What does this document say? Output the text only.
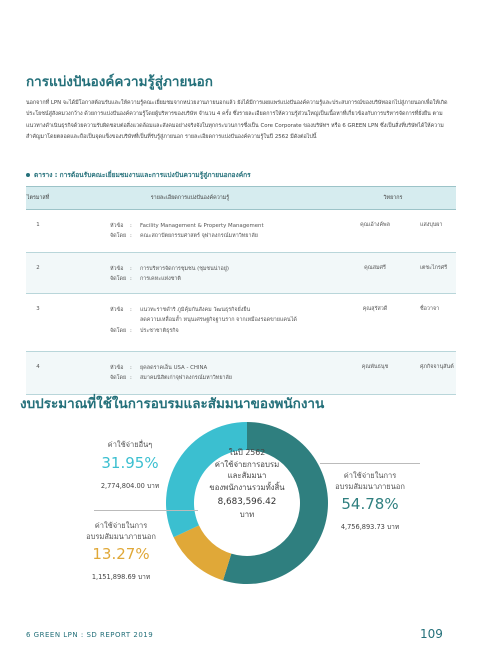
การแบ่งปันองค์ความรู้สู่ภายนอก
นอกจากที่ LPN จะได้มีโอกาสต้อนรับและให้ความรู้คณะเยี่ยมชมจากหน่วยงานภายนอกแล้ว ยังได้มีการเผยแพร่แบ่งปันองค์ความรู้และประสบการณ์ของบริษัทออกไปสู่ภายนอกเพื่อให้เกิดประโยชน์สู่สังคมวงกว้าง ด้วยการแบ่งปันองค์ความรู้โดยผู้บริหารของบริษัท จำนวน 4 ครั้ง ซึ่งรายละเอียดการให้ความรู้ส่วนใหญ่เป็นเนื้อหาที่เกี่ยวข้องกับการบริหารจัดการที่ยั่งยืน ตามแนวทางดำเนินธุรกิจด้วยความรับผิดชอบต่อสิ่งแวดล้อมและสังคมอย่างจริงจังในทุกกระบวนการซึ่งเป็น Core Corporate ของบริษัทฯ หรือ 6 GREEN LPN ซึ่งเป็นสิ่งที่บริษัทได้ให้ความสำคัญมาโดยตลอดและถือเป็นจุดแข็งของบริษัทที่เป็นที่รับรู้สู่ภายนอก รายละเอียดการแบ่งปันองค์ความรู้ในปี 2562 มีดังต่อไปนี้
ตาราง : การต้อนรับคณะเยี่ยมชมงานและการแบ่งปันความรู้สู่ภายนอกองค์กร
ไตรมาสที่	รายละเอียดการแบ่งปันองค์ความรู้	วิทยากร
1	หัวข้อ : Facility Management & Property Management
จัดโดย : คณะสถาปัตยกรรมศาสตร์ จุฬาลงกรณ์มหาวิทยาลัย	คุณเอ้างค์พล แสงบุบผา
2	หัวข้อ : การบริหารจัดการชุมชน (ชุมชนน่าอยู่)
จัดโดย : การเคหะแห่งชาติ	คุณสมศรี เตชะไกรศรี
3	หัวข้อ : แนวทะราชดำริ ภูมิคุ้มกันสังคม วัฒนธุรกิจยั่งยืน
ลดความเหลื่อมล้ำ หนุนเศรษฐกิจฐานราก จากเหมืองรอดขายแคนได้
จัดโดย : ประชาชาติธุรกิจ	คุณสุรัสวดี ชื่อวาจา
4	หัวข้อ : ยุคลดราคเอ็น USA - CHINA
จัดโดย : สมาคมนิสิตเก่าจุฬาลงกรณ์มหาวิทยาลัย	คุณพันธนุช ศุภกิจจานุสันต์
งบประมาณที่ใช้ในการอบรมและสัมมนาของพนักงาน
ในปี 2562
ค่าใช้จ่ายการอบรม
และสัมมนา
ของพนักงานรวมทั้งสิ้น
8,683,596.42
บาท
ค่าใช้จ่ายอื่นๆ
31.95%
2,774,804.00 บาท
ค่าใช้จ่ายในการ
อบรมสัมมนาภายนอก
13.27%
1,151,898.69 บาท
ค่าใช้จ่ายในการ
อบรมสัมมนาภายนอก
54.78%
4,756,893.73 บาท
6 GREEN LPN : SD REPORT 2019	109
